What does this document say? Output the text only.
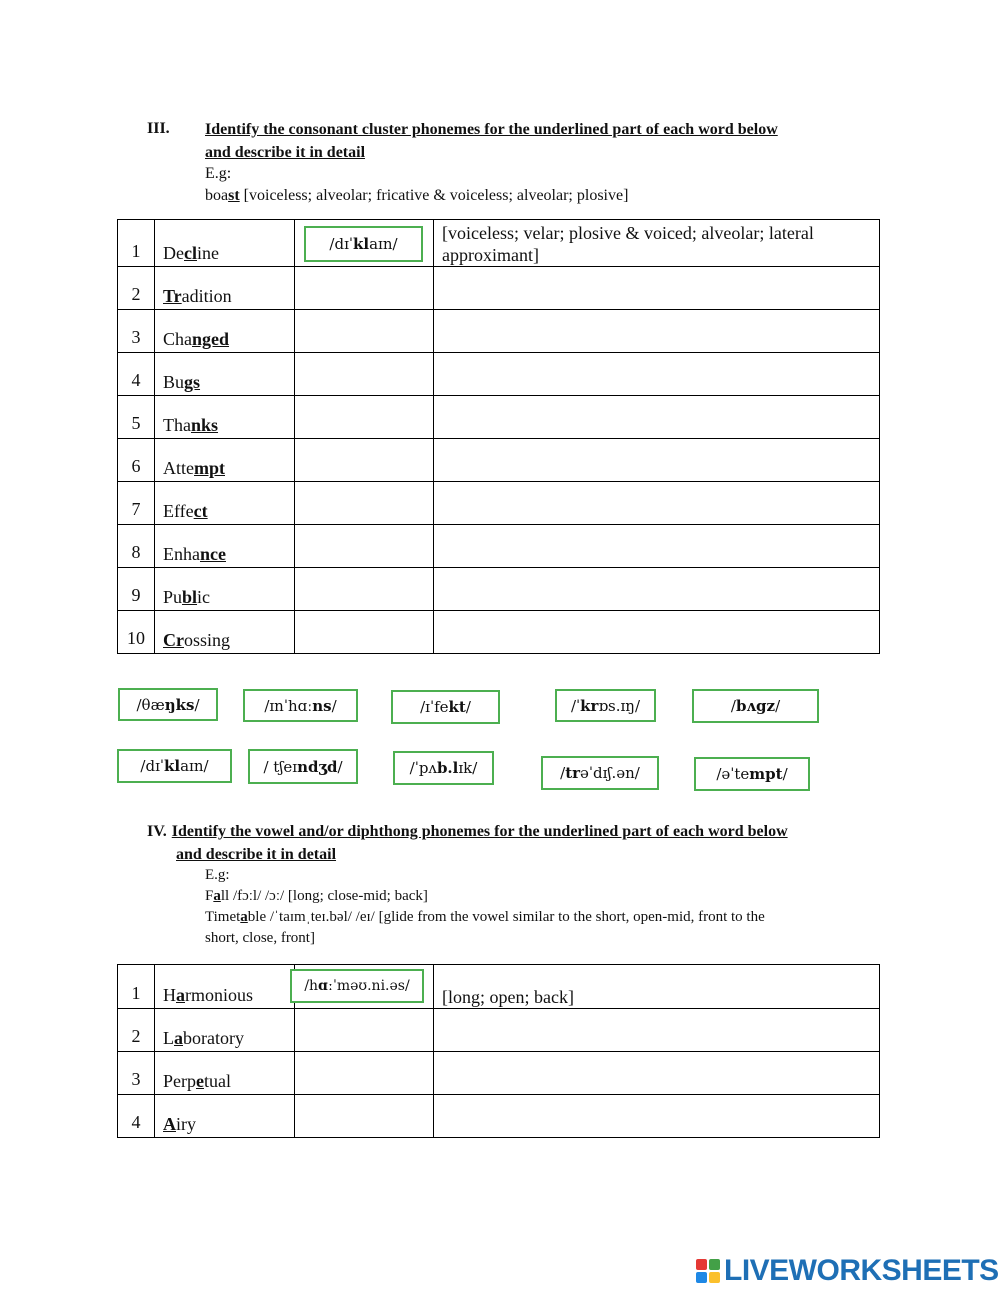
III. Identify the consonant cluster phonemes for the underlined part of each word below
and describe it in detail
E.g:
boast [voiceless; alveolar; fricative & voiceless; alveolar; plosive]
1	Decline		[voiceless; velar; plosive & voiced; alveolar; lateral approximant]
2	Tradition		
3	Changed		
4	Bugs		
5	Thanks		
6	Attempt		
7	Effect		
8	Enhance		
9	Public		
10	Crossing		
/dɪˈ kl aɪn/
/θæ ŋks /	/ɪnˈhɑː ns /	/ɪˈfe kt /	/ˈ kr ɒs.ɪŋ/	/ bʌgz /
/dɪˈ kl aɪn/	/ tʃeɪ ndʒd /	/ˈpʌ b.l ɪk/	/ tr əˈdɪʃ.ən/	/əˈte mpt /
IV. Identify the vowel and/or diphthong phonemes for the underlined part of each word below
and describe it in detail
E.g:
Fall /fɔːl/ /ɔː/ [long; close-mid; back]
Timetable /ˈtaɪmˌteɪ.bəl/ /eɪ/ [glide from the vowel similar to the short, open-mid, front to the
short, close, front]
1	Harmonious		[long; open; back]
2	Laboratory		
3	Perpetual		
4	Airy		
/h ɑː ˈməʊ.ni.əs/
LIVEWORKSHEETS
